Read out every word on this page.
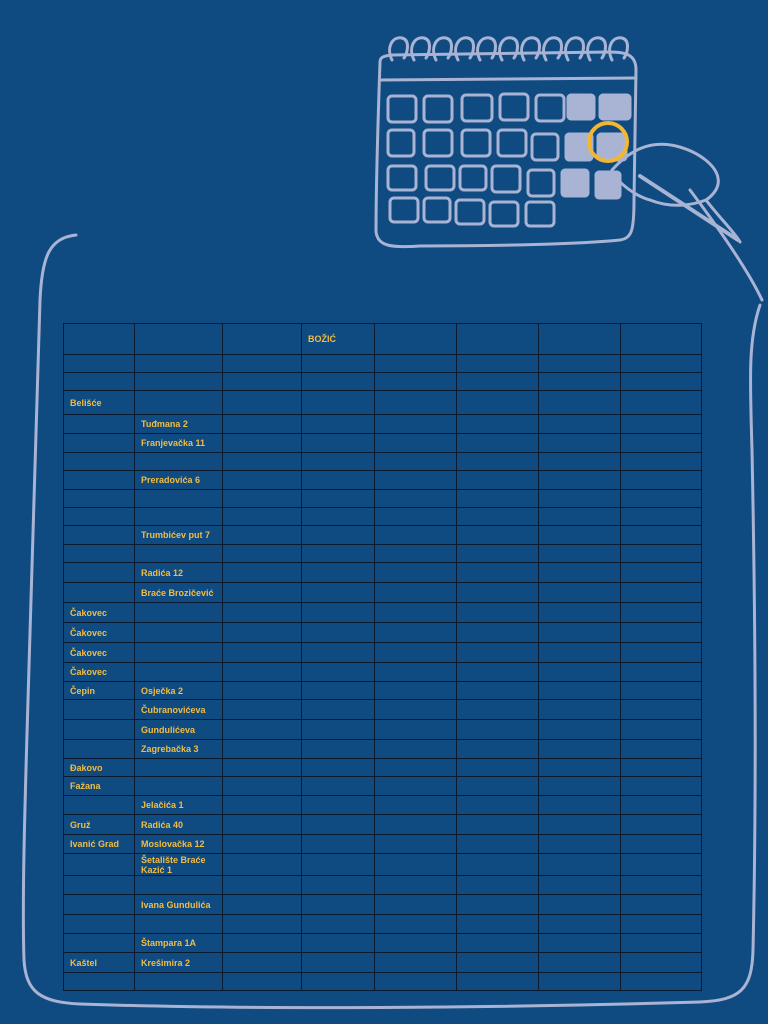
			BOŽIĆ				

Belišće							
	Tuđmana 2						
	Franjevačka 11						

	Preradovića 6						

	Trumbićev put 7						

	Radića 12						
	Braće Brozičević						
Čakovec							
Čakovec							
Čakovec							
Čakovec							
Čepin	Osječka 2						
	Čubranovićeva						
	Gundulićeva						
	Zagrebačka 3						
Đakovo							
Fažana							
	Jelačića 1						
Gruž	Radića 40						
Ivanić Grad	Moslovačka 12						
	Šetalište Braće Kazić 1						

	Ivana Gundulića						

	Štampara 1A						
Kaštel	Krešimira 2						
